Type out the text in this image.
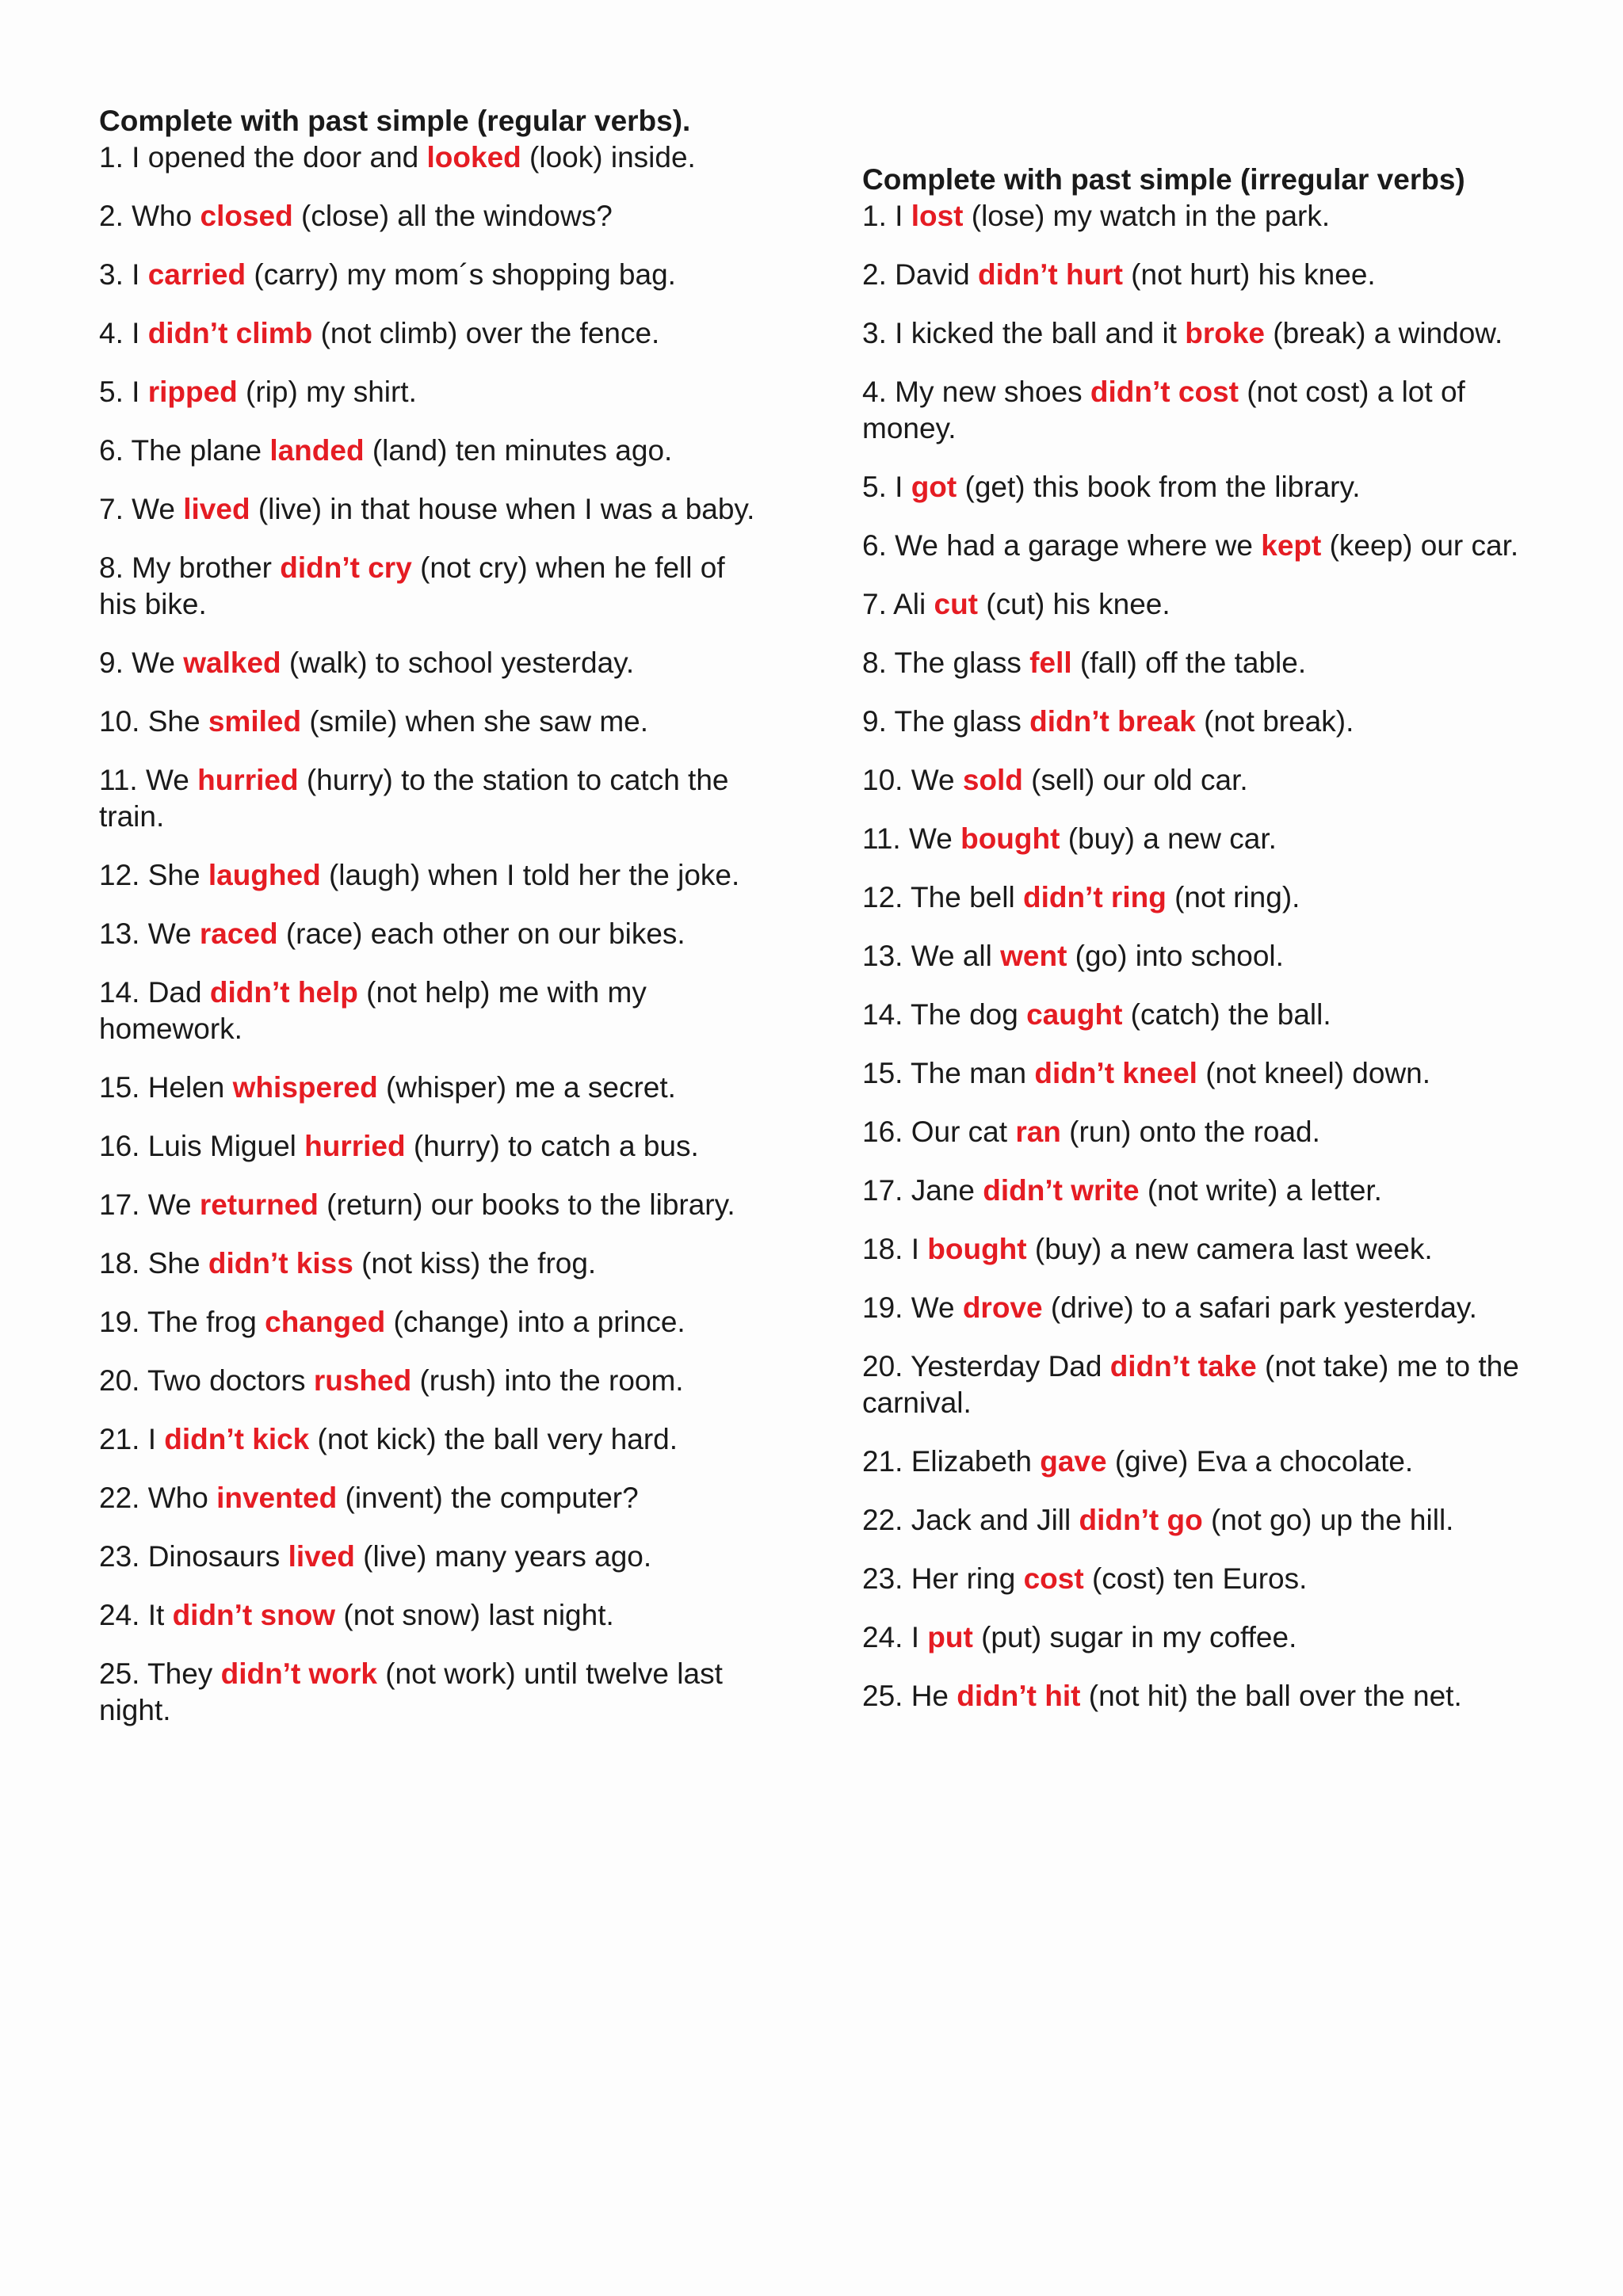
Complete with past simple (regular verbs).

1. I opened the door and looked (look) inside.
2. Who closed (close) all the windows?
3. I carried (carry) my mom´s shopping bag.
4. I didn’t climb (not climb) over the fence.
5. I ripped (rip) my shirt.
6. The plane landed (land) ten minutes ago.
7. We lived (live) in that house when I was a baby.
8. My brother didn’t cry (not cry) when he fell of his bike.
9. We walked (walk) to school yesterday.
10. She smiled (smile) when she saw me.
11. We hurried (hurry) to the station to catch the train.
12. She laughed (laugh) when I told her the joke.
13. We raced (race) each other on our bikes.
14. Dad didn’t help (not help) me with my homework.
15. Helen whispered (whisper) me a secret.
16. Luis Miguel hurried (hurry) to catch a bus.
17. We returned (return) our books to the library.
18. She didn’t kiss (not kiss) the frog.
19. The frog changed (change) into a prince.
20. Two doctors rushed (rush) into the room.
21. I didn’t kick (not kick) the ball very hard.
22. Who invented (invent) the computer?
23. Dinosaurs lived (live) many years ago.
24. It didn’t snow (not snow) last night.
25. They didn’t work (not work) until twelve last night.

Complete with past simple (irregular verbs)

1. I lost (lose) my watch in the park.
2. David didn’t hurt (not hurt) his knee.
3. I kicked the ball and it broke (break) a window.
4. My new shoes didn’t cost (not cost) a lot of money.
5. I got (get) this book from the library.
6. We had a garage where we kept (keep) our car.
7. Ali cut (cut) his knee.
8. The glass fell (fall) off the table.
9. The glass didn’t break (not break).
10. We sold (sell) our old car.
11. We bought (buy) a new car.
12. The bell didn’t ring (not ring).
13. We all went (go) into school.
14. The dog caught (catch) the ball.
15. The man didn’t kneel (not kneel) down.
16. Our cat ran (run) onto the road.
17. Jane didn’t write (not write) a letter.
18. I bought (buy) a new camera last week.
19. We drove (drive) to a safari park yesterday.
20. Yesterday Dad didn’t take (not take) me to the carnival.
21. Elizabeth gave (give) Eva a chocolate.
22. Jack and Jill didn’t go (not go) up the hill.
23. Her ring cost (cost) ten Euros.
24. I put (put) sugar in my coffee.
25. He didn’t hit (not hit) the ball over the net.
